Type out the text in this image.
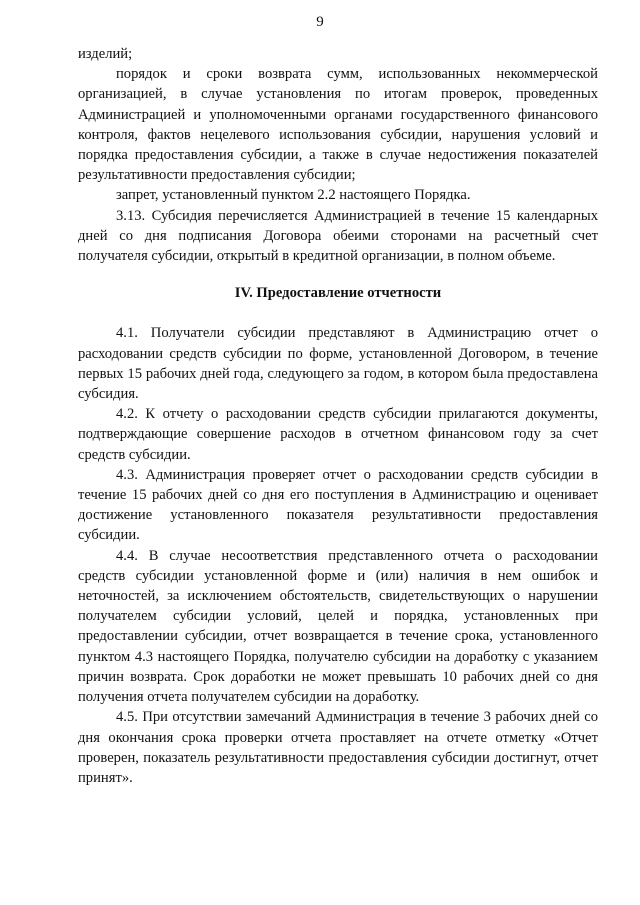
9

изделий;

порядок и сроки возврата сумм, использованных некоммерческой организацией, в случае установления по итогам проверок, проведенных Администрацией и уполномоченными органами государственного финансового контроля, фактов нецелевого использования субсидии, нарушения условий и порядка предоставления субсидии, а также в случае недостижения показателей результативности предоставления субсидии;

запрет, установленный пунктом 2.2 настоящего Порядка.

3.13. Субсидия перечисляется Администрацией в течение 15 календарных дней со дня подписания Договора обеими сторонами на расчетный счет получателя субсидии, открытый в кредитной организации, в полном объеме.

IV. Предоставление отчетности

4.1. Получатели субсидии представляют в Администрацию отчет о расходовании средств субсидии по форме, установленной Договором, в течение первых 15 рабочих дней года, следующего за годом, в котором была предоставлена субсидия.

4.2. К отчету о расходовании средств субсидии прилагаются документы, подтверждающие совершение расходов в отчетном финансовом году за счет средств субсидии.

4.3. Администрация проверяет отчет о расходовании средств субсидии в течение 15 рабочих дней со дня его поступления в Администрацию и оценивает достижение установленного показателя результативности предоставления субсидии.

4.4. В случае несоответствия представленного отчета о расходовании средств субсидии установленной форме и (или) наличия в нем ошибок и неточностей, за исключением обстоятельств, свидетельствующих о нарушении получателем субсидии условий, целей и порядка, установленных при предоставлении субсидии, отчет возвращается в течение срока, установленного пунктом 4.3 настоящего Порядка, получателю субсидии на доработку с указанием причин возврата. Срок доработки не может превышать 10 рабочих дней со дня получения отчета получателем субсидии на доработку.

4.5. При отсутствии замечаний Администрация в течение 3 рабочих дней со дня окончания срока проверки отчета проставляет на отчете отметку «Отчет проверен, показатель результативности предоставления субсидии достигнут, отчет принят».
